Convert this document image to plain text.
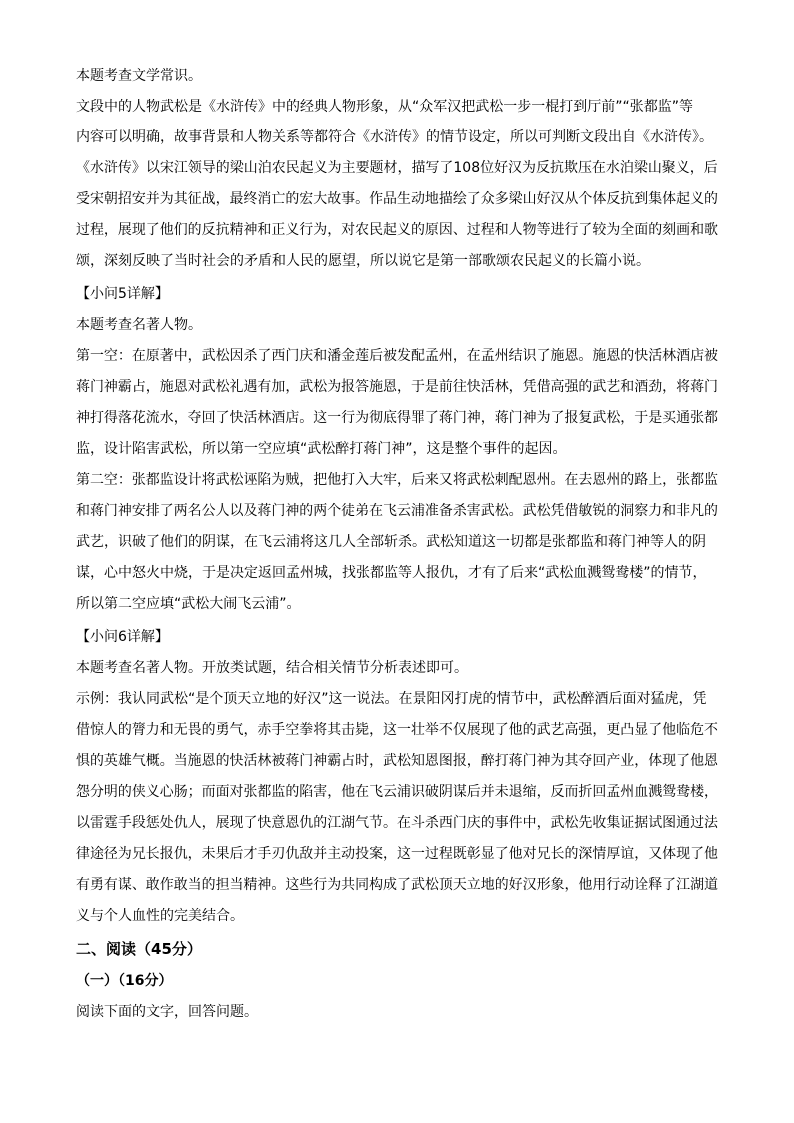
本题考查文学常识。
文段中的人物武松是《水浒传》中的经典人物形象，从“众军汉把武松一步一棍打到厅前”“张都监”等
内容可以明确，故事背景和人物关系等都符合《水浒传》的情节设定，所以可判断文段出自《水浒传》。
《水浒传》以宋江领导的梁山泊农民起义为主要题材，描写了108位好汉为反抗欺压在水泊梁山聚义，后
受宋朝招安并为其征战，最终消亡的宏大故事。作品生动地描绘了众多梁山好汉从个体反抗到集体起义的
过程，展现了他们的反抗精神和正义行为，对农民起义的原因、过程和人物等进行了较为全面的刻画和歌
颂，深刻反映了当时社会的矛盾和人民的愿望，所以说它是第一部歌颂农民起义的长篇小说。
【小问5详解】
本题考查名著人物。
第一空：在原著中，武松因杀了西门庆和潘金莲后被发配孟州，在孟州结识了施恩。施恩的快活林酒店被
蒋门神霸占，施恩对武松礼遇有加，武松为报答施恩，于是前往快活林，凭借高强的武艺和酒劲，将蒋门
神打得落花流水，夺回了快活林酒店。这一行为彻底得罪了蒋门神，蒋门神为了报复武松，于是买通张都
监，设计陷害武松，所以第一空应填“武松醉打蒋门神”，这是整个事件的起因。
第二空：张都监设计将武松诬陷为贼，把他打入大牢，后来又将武松刺配恩州。在去恩州的路上，张都监
和蒋门神安排了两名公人以及蒋门神的两个徒弟在飞云浦准备杀害武松。武松凭借敏锐的洞察力和非凡的
武艺，识破了他们的阴谋，在飞云浦将这几人全部斩杀。武松知道这一切都是张都监和蒋门神等人的阴
谋，心中怒火中烧，于是决定返回孟州城，找张都监等人报仇，才有了后来“武松血溅鸳鸯楼”的情节，
所以第二空应填“武松大闹飞云浦”。
【小问6详解】
本题考查名著人物。开放类试题，结合相关情节分析表述即可。
示例：我认同武松“是个顶天立地的好汉”这一说法。在景阳冈打虎的情节中，武松醉酒后面对猛虎，凭
借惊人的膂力和无畏的勇气，赤手空拳将其击毙，这一壮举不仅展现了他的武艺高强，更凸显了他临危不
惧的英雄气概。当施恩的快活林被蒋门神霸占时，武松知恩图报，醉打蒋门神为其夺回产业，体现了他恩
怨分明的侠义心肠；而面对张都监的陷害，他在飞云浦识破阴谋后并未退缩，反而折回孟州血溅鸳鸯楼，
以雷霆手段惩处仇人，展现了快意恩仇的江湖气节。在斗杀西门庆的事件中，武松先收集证据试图通过法
律途径为兄长报仇，未果后才手刃仇敌并主动投案，这一过程既彰显了他对兄长的深情厚谊，又体现了他
有勇有谋、敢作敢当的担当精神。这些行为共同构成了武松顶天立地的好汉形象，他用行动诠释了江湖道
义与个人血性的完美结合。
二、阅读（45分）
（一）（16分）
阅读下面的文字，回答问题。
